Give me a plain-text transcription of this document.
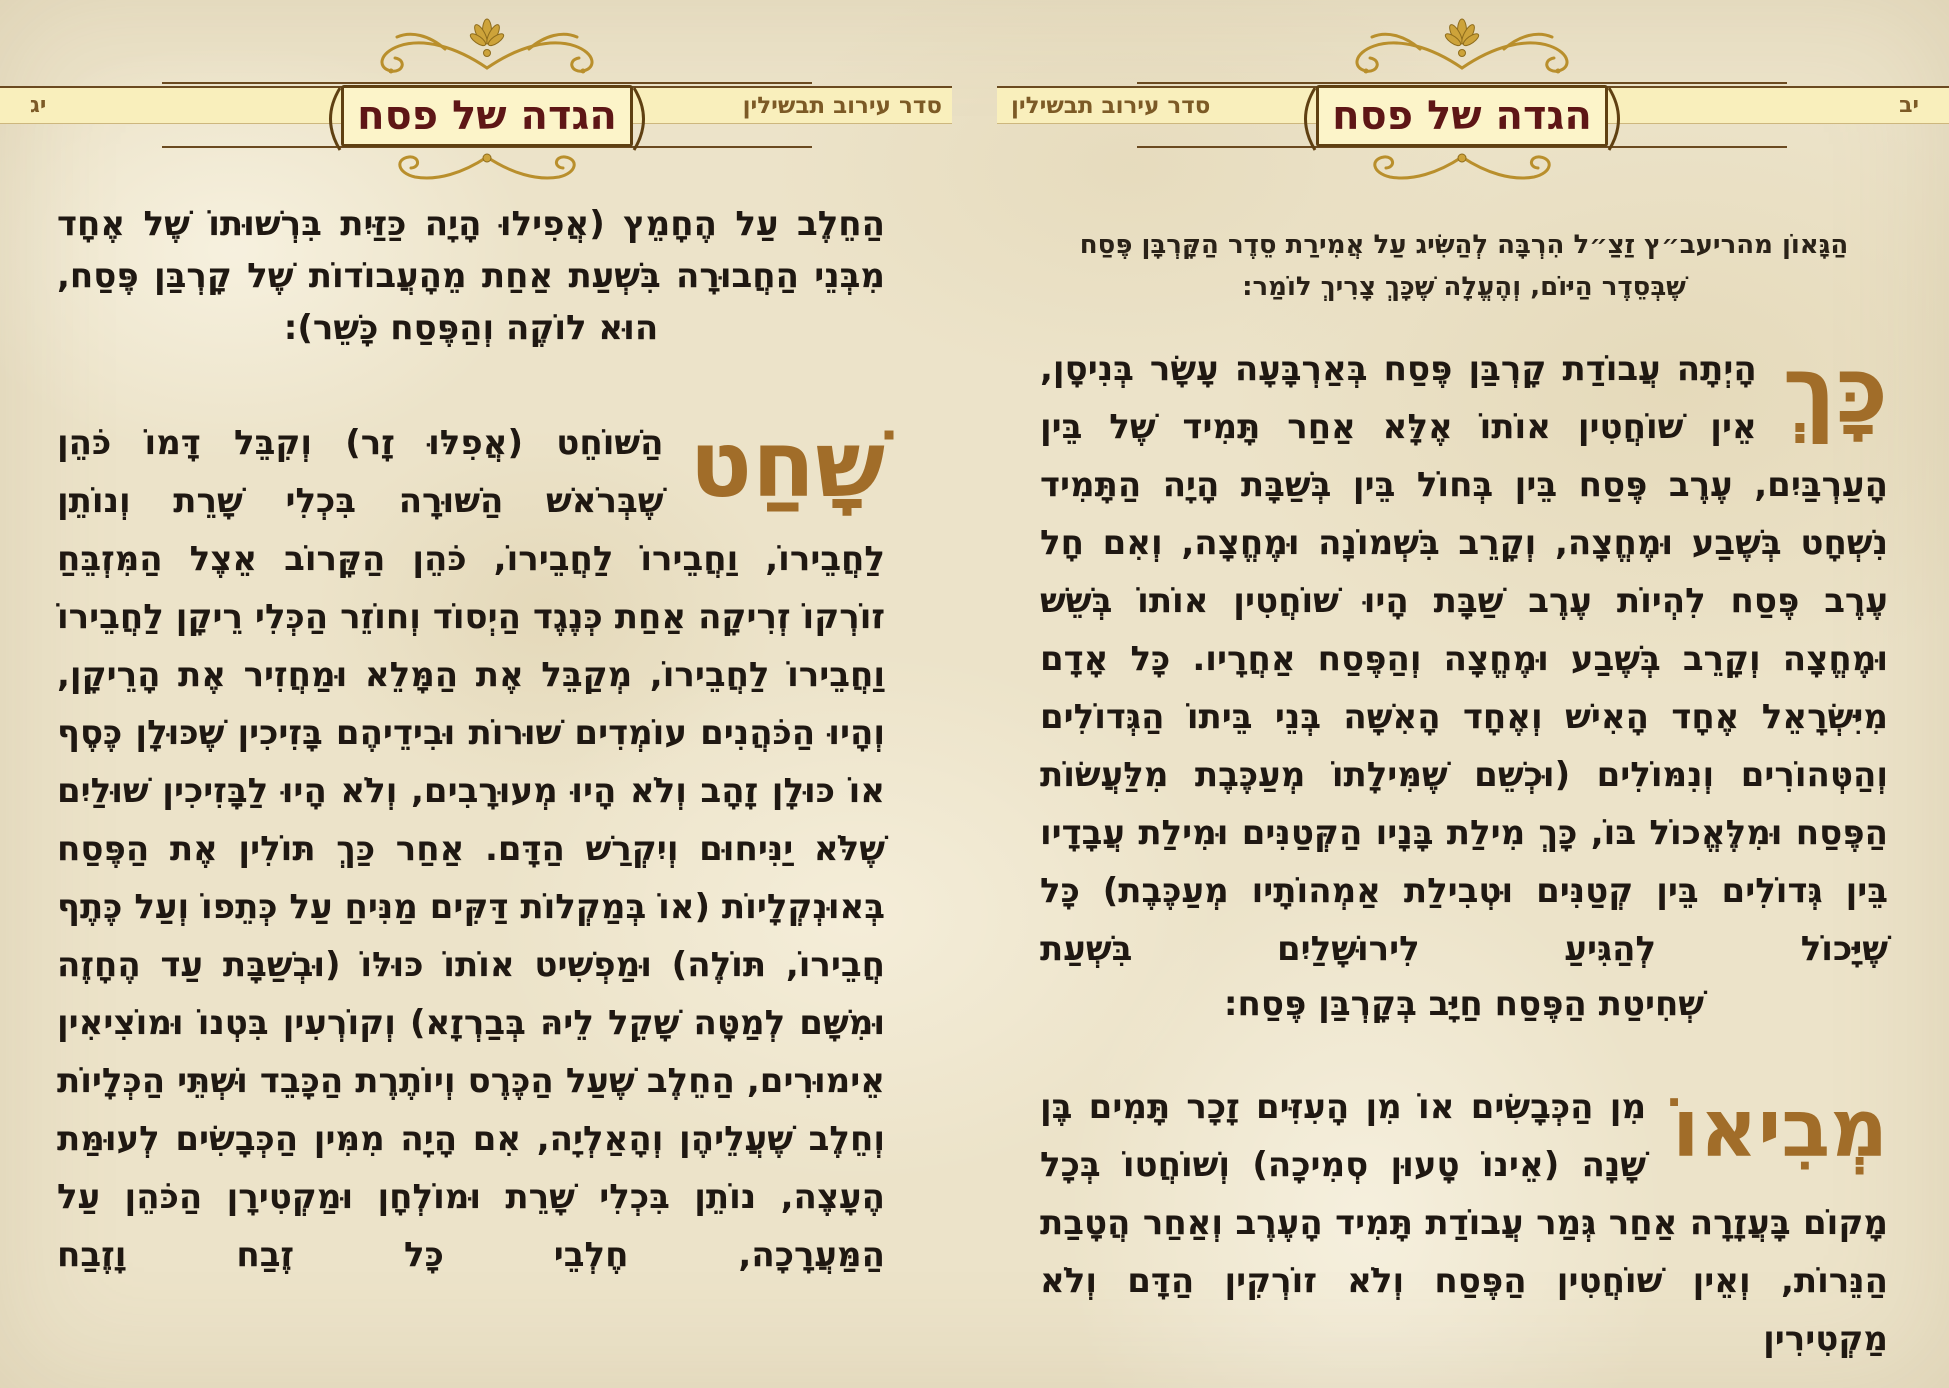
סדר עירוב תבשילין
יג	סדר עירוב תבשילין	יב
הגדה של פסח	הגדה של פסח
הַגָּאוֹן מהריעב״ץ זַצַ״ל הִרְבָּה לְהַשִּׂיג עַל אֲמִירַת סֵדֶר הַקָּרְבָּן פֶּסַח שֶׁבְּסֵדֶר הַיּוֹם, וְהֶעֱלָה שֶׁכָּךְ צָרִיךְ לוֹמַר:
כָּךְ
הָיְתָה עֲבוֹדַת קָרְבַּן פֶּסַח בְּאַרְבָּעָה עָשָׂר בְּנִיסָן, אֵין שׁוֹחֲטִין אוֹתוֹ אֶלָּא אַחַר תָּמִיד שֶׁל בֵּין הָעַרְבַּיִם, עֶרֶב פֶּסַח בֵּין בְּחוֹל בֵּין בְּשַׁבָּת הָיָה הַתָּמִיד נִשְׁחָט בְּשֶׁבַע וּמֶחֱצָה, וְקָרֵב בִּשְׁמוֹנָה וּמֶחֱצָה, וְאִם חָל עֶרֶב פֶּסַח לִהְיוֹת עֶרֶב שַׁבָּת הָיוּ שׁוֹחֲטִין אוֹתוֹ בְּשֵׁשׁ וּמֶחֱצָה וְקָרֵב בְּשֶׁבַע וּמֶחֱצָה וְהַפֶּסַח אַחֲרָיו. כָּל אָדָם מִיִּשְׂרָאֵל אֶחָד הָאִישׁ וְאֶחָד הָאִשָּׁה בְּנֵי בֵּיתוֹ הַגְּדוֹלִים וְהַטְּהוֹרִים וְנִמּוֹלִים (וּכְשֵׁם שֶׁמִּילָתוֹ מְעַכֶּבֶת מִלַּעֲשׂוֹת הַפֶּסַח וּמִלֶּאֱכוֹל בּוֹ, כָּךְ מִילַת בָּנָיו הַקְּטַנִּים וּמִילַת עֲבָדָיו בֵּין גְּדוֹלִים בֵּין קְטַנִּים וּטְבִילַת אַמְהוֹתָיו מְעַכֶּבֶת) כָּל שֶׁיָּכוֹל לְהַגִּיעַ לִירוּשָׁלַיִם בִּשְׁעַת
שְׁחִיטַת הַפֶּסַח חַיָּב בְּקָרְבַּן פֶּסַח:
מְבִיאוֹ
מִן הַכְּבָשִׂים אוֹ מִן הָעִזִּים זָכָר תָּמִים בֶּן שָׁנָה (אֵינוֹ טָעוּן סְמִיכָה) וְשׁוֹחֲטוֹ בְּכָל מָקוֹם בָּעֲזָרָה אַחַר גְּמַר עֲבוֹדַת תָּמִיד הָעֶרֶב וְאַחַר הֲטָבַת הַנֵּרוֹת, וְאֵין שׁוֹחֲטִין הַפֶּסַח וְלֹא זוֹרְקִין הַדָּם וְלֹא מַקְטִירִין
הַחֵלֶב עַל הֶחָמֵץ (אֲפִילוּ הָיָה כַּזַּיִת בִּרְשׁוּתוֹ שֶׁל אֶחָד מִבְּנֵי הַחֲבוּרָה בִּשְׁעַת אַחַת מֵהָעֲבוֹדוֹת שֶׁל קָרְבַּן פֶּסַח,
הוּא לוֹקֶה וְהַפֶּסַח כָּשֵׁר):
שָׁחַט
הַשּׁוֹחֵט (אֲפִלּוּ זָר) וְקִבֵּל דָּמוֹ כֹּהֵן שֶׁבְּרֹאשׁ הַשּׁוּרָה בִּכְלִי שָׁרֵת וְנוֹתֵן לַחֲבֵירוֹ, וַחֲבֵירוֹ לַחֲבֵירוֹ, כֹּהֵן הַקָּרוֹב אֵצֶל הַמִּזְבֵּחַ זוֹרְקוֹ זְרִיקָה אַחַת כְּנֶגֶד הַיְסוֹד וְחוֹזֵר הַכְּלִי רֵיקָן לַחֲבֵירוֹ וַחֲבֵירוֹ לַחֲבֵירוֹ, מְקַבֵּל אֶת הַמָּלֵא וּמַחֲזִיר אֶת הָרֵיקָן, וְהָיוּ הַכֹּהֲנִים עוֹמְדִים שׁוּרוֹת וּבִידֵיהֶם בָּזִיכִין שֶׁכּוּלָן כֶּסֶף אוֹ כּוּלָן זָהָב וְלֹא הָיוּ מְעוּרָבִים, וְלֹא הָיוּ לַבָּזִיכִין שׁוּלַיִם שֶׁלֹּא יַנִּיחוּם וְיִקְרַשׁ הַדָּם. אַחַר כַּךְ תּוֹלִין אֶת הַפֶּסַח בְּאוּנְקְלָיוֹת (אוֹ בְּמַקְלוֹת דַּקִּים מַנִּיחַ עַל כְּתֵפוֹ וְעַל כֶּתֶף חֲבֵירוֹ, תּוֹלֶה) וּמַפְשִׁיט אוֹתוֹ כּוּלּוֹ (וּבְשַׁבָּת עַד הֶחָזֶה וּמִשָּׁם לְמַטָּה שָׁקֵל לֵיהּ בְּבַרְזָא) וְקוֹרְעִין בִּטְנוֹ וּמוֹצִיאִין אֵימוּרִים, הַחֵלֶב שֶׁעַל הַכֶּרֶס וְיוֹתֶרֶת הַכָּבֵד וּשְׁתֵּי הַכְּלָיוֹת וְחֵלֶב שֶׁעֲלֵיהֶן וְהָאַלְיָה, אִם הָיָה מִמִּין הַכְּבָשִׂים לְעוּמַּת הֶעָצֶה, נוֹתֵן בִּכְלִי שָׁרֵת וּמוֹלְחָן וּמַקְטִירָן הַכֹּהֵן עַל הַמַּעֲרָכָה, חֶלְבֵי כָּל זֶבַח וָזֶבַח
